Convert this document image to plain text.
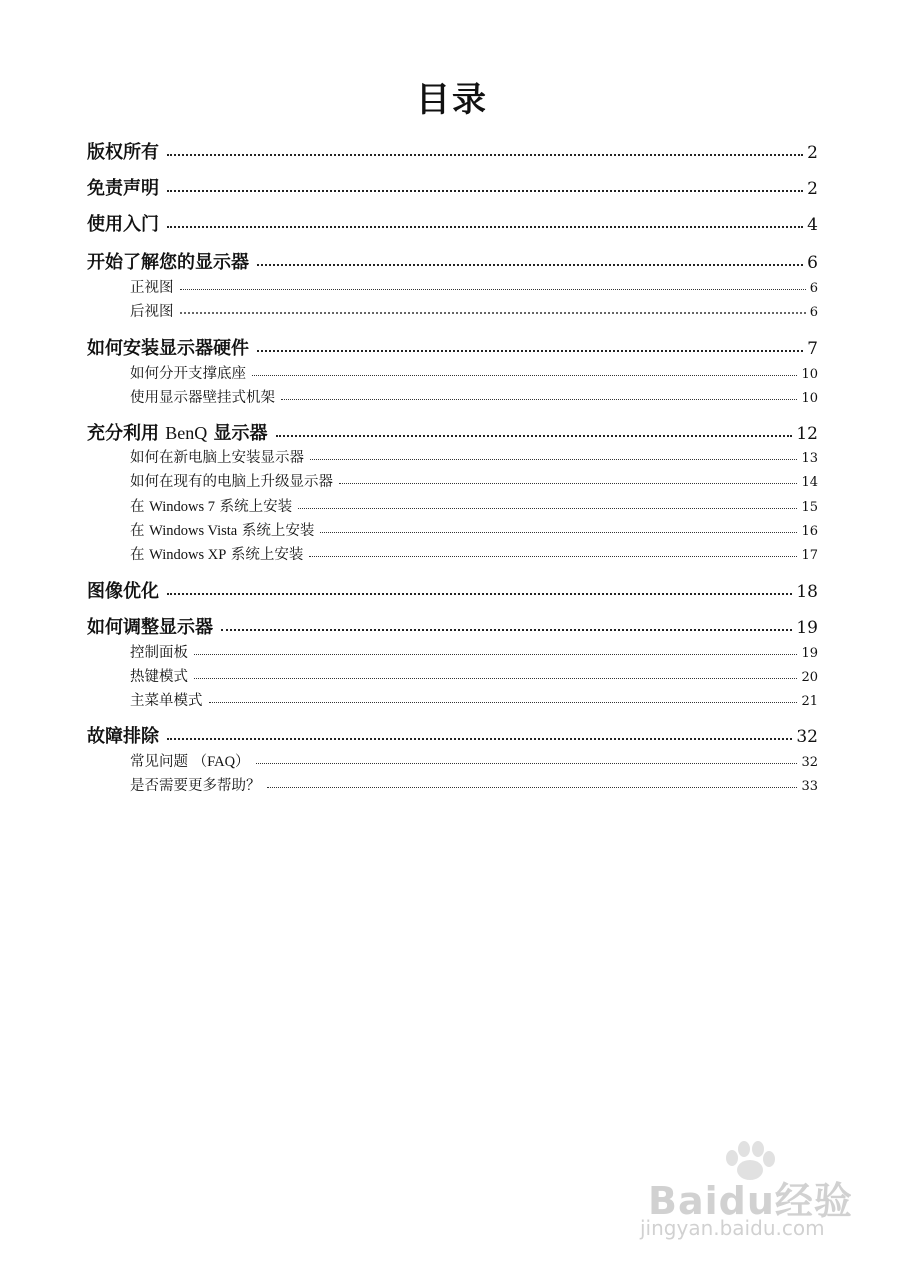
目录
版权所有	2
免责声明	2
使用入门	4
开始了解您的显示器	6
正视图	6
后视图	6
如何安装显示器硬件	7
如何分开支撑底座	10
使用显示器壁挂式机架	10
充分利用 BenQ 显示器	12
如何在新电脑上安装显示器	13
如何在现有的电脑上升级显示器	14
在 Windows 7 系统上安装	15
在 Windows Vista 系统上安装	16
在 Windows XP 系统上安装	17
图像优化	18
如何调整显示器	19
控制面板	19
热键模式	20
主菜单模式	21
故障排除	32
常见问题 （FAQ）	32
是否需要更多帮助？	33
Baidu经验
jingyan.baidu.com
